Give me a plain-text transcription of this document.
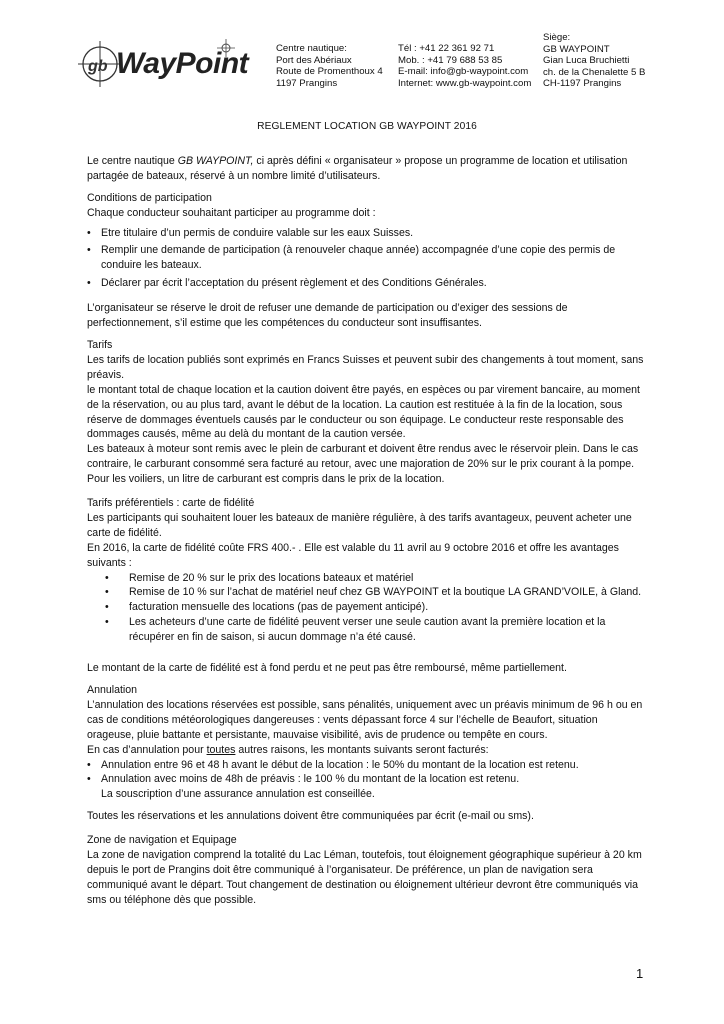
gb WayPoint	Centre nautique:
Port des Abériaux
Route de Promenthoux 4
1197 Prangins
Tél : +41 22 361 92 71
Mob. : +41 79 688 53 85
E-mail: info@gb-waypoint.com
Internet: www.gb-waypoint.com
Siège:
GB WAYPOINT
Gian Luca Bruchietti
ch. de la Chenalette 5 B
CH-1197 Prangins

REGLEMENT LOCATION GB WAYPOINT 2016

Le centre nautique GB WAYPOINT, ci après défini « organisateur » propose un programme de location et utilisation partagée de bateaux, réservé à un nombre limité d’utilisateurs.

Conditions de participation

Chaque conducteur souhaitant participer au programme doit :

• Etre titulaire d’un permis de conduire valable sur les eaux Suisses.
• Remplir une demande de participation (à renouveler chaque année) accompagnée d’une copie des permis de conduire les bateaux.
• Déclarer par écrit l’acceptation du présent règlement et des Conditions Générales.

L’organisateur se réserve le droit de refuser une demande de participation ou d’exiger des sessions de perfectionnement, s’il estime que les compétences du conducteur sont insuffisantes.

Tarifs

Les tarifs de location publiés sont exprimés en Francs Suisses et peuvent subir des changements à tout moment, sans préavis.

le montant total de chaque location et la caution doivent être payés, en espèces ou par virement bancaire, au moment de la réservation, ou au plus tard, avant le début de la location. La caution est restituée à la fin de la location, sous réserve de dommages éventuels causés par le conducteur ou son équipage. Le conducteur reste responsable des dommages causés, même au delà du montant de la caution versée.

Les bateaux à moteur sont remis avec le plein de carburant et doivent être rendus avec le réservoir plein. Dans le cas contraire, le carburant consommé sera facturé au retour, avec une majoration de 20% sur le prix courant à la pompe.

Pour les voiliers, un litre de carburant est compris dans le prix de la location.

Tarifs préférentiels : carte de fidélité

Les participants qui souhaitent louer les bateaux de manière régulière, à des tarifs avantageux, peuvent acheter une carte de fidélité.

En 2016, la carte de fidélité coûte FRS 400.- . Elle est valable du 11 avril au 9 octobre 2016 et offre les avantages suivants :

• Remise de 20 % sur le prix des locations bateaux et matériel
• Remise de 10 % sur l’achat de matériel neuf chez GB WAYPOINT et la boutique LA GRAND’VOILE, à Gland.
• facturation mensuelle des locations (pas de payement anticipé).
• Les acheteurs d’une carte de fidélité peuvent verser une seule caution avant la première location et la récupérer en fin de saison, si aucun dommage n’a été causé.

Le montant de la carte de fidélité est à fond perdu et ne peut pas être remboursé, même partiellement.

Annulation

L’annulation des locations réservées est possible, sans pénalités, uniquement avec un préavis minimum de 96 h ou en cas de conditions météorologiques dangereuses : vents dépassant force 4 sur l’échelle de Beaufort, situation orageuse, pluie battante et persistante, mauvaise visibilité, avis de prudence ou tempête en cours.

En cas d’annulation pour toutes autres raisons, les montants suivants seront facturés:

• Annulation entre 96 et 48 h avant le début de la location : le 50% du montant de la location est retenu.
• Annulation avec moins de 48h de préavis : le 100 % du montant de la location est retenu.

La souscription d’une assurance annulation est conseillée.

Toutes les réservations et les annulations doivent être communiquées par écrit (e-mail ou sms).

Zone de navigation et Equipage

La zone de navigation comprend la totalité du Lac Léman, toutefois, tout éloignement géographique supérieur à 20 km depuis le port de Prangins doit être communiqué à l’organisateur. De préférence, un plan de navigation sera communiqué avant le départ. Tout changement de destination ou éloignement ultérieur devront être communiqués via sms ou téléphone dès que possible.

1
